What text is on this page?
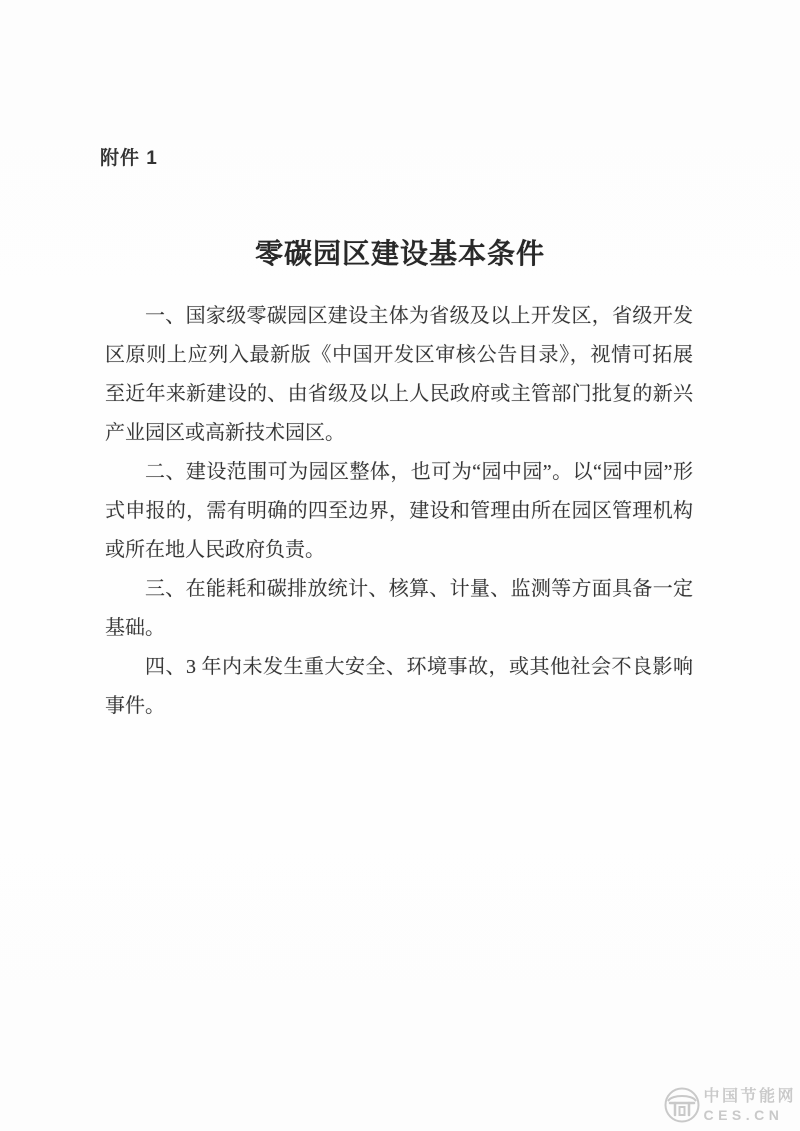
附件 1
零碳园区建设基本条件

一、国家级零碳园区建设主体为省级及以上开发区，省级开发区原则上应列入最新版《中国开发区审核公告目录》，视情可拓展至近年来新建设的、由省级及以上人民政府或主管部门批复的新兴产业园区或高新技术园区。

二、建设范围可为园区整体，也可为“园中园”。以“园中园”形式申报的，需有明确的四至边界，建设和管理由所在园区管理机构或所在地人民政府负责。

三、在能耗和碳排放统计、核算、计量、监测等方面具备一定基础。

四、3 年内未发生重大安全、环境事故，或其他社会不良影响事件。

中国节能网
CES.CN
